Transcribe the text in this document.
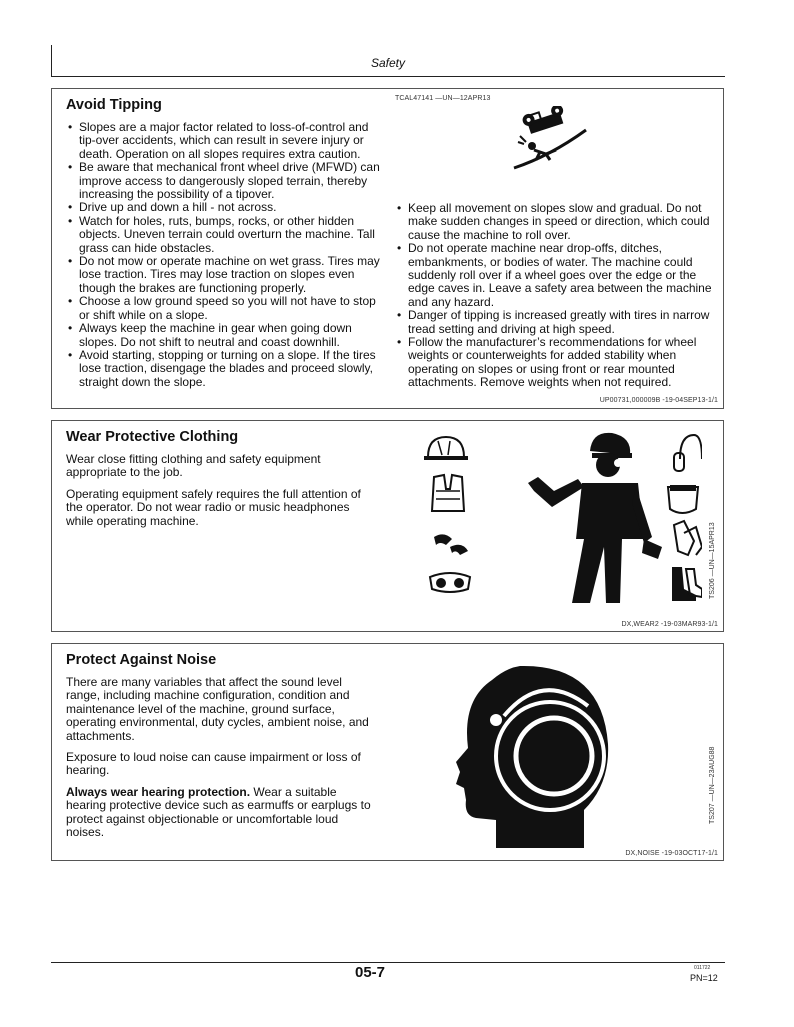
Safety
Avoid Tipping	TCAL47141 —UN—12APR13
• Slopes are a major factor related to loss-of-control and tip-over accidents, which can result in severe injury or death. Operation on all slopes requires extra caution.
• Be aware that mechanical front wheel drive (MFWD) can improve access to dangerously sloped terrain, thereby increasing the possibility of a tipover.
• Drive up and down a hill - not across.
• Watch for holes, ruts, bumps, rocks, or other hidden objects. Uneven terrain could overturn the machine. Tall grass can hide obstacles.
• Do not mow or operate machine on wet grass. Tires may lose traction. Tires may lose traction on slopes even though the brakes are functioning properly.
• Choose a low ground speed so you will not have to stop or shift while on a slope.
• Always keep the machine in gear when going down slopes. Do not shift to neutral and coast downhill.
• Avoid starting, stopping or turning on a slope. If the tires lose traction, disengage the blades and proceed slowly, straight down the slope.
• Keep all movement on slopes slow and gradual. Do not make sudden changes in speed or direction, which could cause the machine to roll over.
• Do not operate machine near drop-offs, ditches, embankments, or bodies of water. The machine could suddenly roll over if a wheel goes over the edge or the edge caves in. Leave a safety area between the machine and any hazard.
• Danger of tipping is increased greatly with tires in narrow tread setting and driving at high speed.
• Follow the manufacturer’s recommendations for wheel weights or counterweights for added stability when operating on slopes or using front or rear mounted attachments. Remove weights when not required.
UP00731,000009B -19-04SEP13-1/1
Wear Protective Clothing

Wear close fitting clothing and safety equipment appropriate to the job.

Operating equipment safely requires the full attention of the operator. Do not wear radio or music headphones while operating machine.

TS206 —UN—15APR13
DX,WEAR2 -19-03MAR93-1/1
Protect Against Noise

There are many variables that affect the sound level range, including machine configuration, condition and maintenance level of the machine, ground surface, operating environmental, duty cycles, ambient noise, and attachments.

Exposure to loud noise can cause impairment or loss of hearing.

Always wear hearing protection. Wear a suitable hearing protective device such as earmuffs or earplugs to protect against objectionable or uncomfortable loud noises.

TS207 —UN—23AUG88
DX,NOISE -19-03OCT17-1/1
05-7	011722
PN=12
